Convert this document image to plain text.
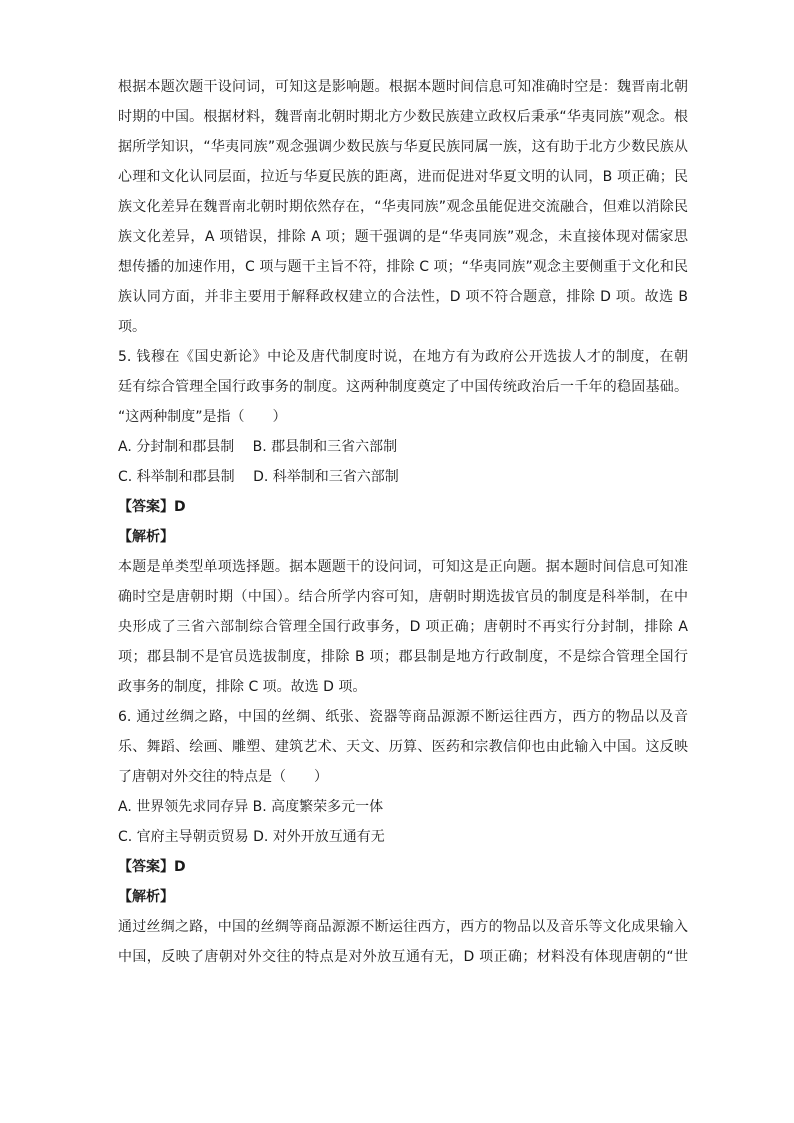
根据本题次题干设问词，可知这是影响题。根据本题时间信息可知准确时空是：魏晋南北朝
时期的中国。根据材料，魏晋南北朝时期北方少数民族建立政权后秉承“华夷同族”观念。根
据所学知识，“华夷同族”观念强调少数民族与华夏民族同属一族，这有助于北方少数民族从
心理和文化认同层面，拉近与华夏民族的距离，进而促进对华夏文明的认同，B 项正确；民
族文化差异在魏晋南北朝时期依然存在，“华夷同族”观念虽能促进交流融合，但难以消除民
族文化差异，A 项错误，排除 A 项；题干强调的是“华夷同族”观念，未直接体现对儒家思
想传播的加速作用，C 项与题干主旨不符，排除 C 项；“华夷同族”观念主要侧重于文化和民
族认同方面，并非主要用于解释政权建立的合法性，D 项不符合题意，排除 D 项。故选 B
项。
5. 钱穆在《国史新论》中论及唐代制度时说，在地方有为政府公开选拔人才的制度，在朝
廷有综合管理全国行政事务的制度。这两种制度奠定了中国传统政治后一千年的稳固基础。
“这两种制度”是指（　　）
A. 分封制和郡县制　 B. 郡县制和三省六部制
C. 科举制和郡县制　 D. 科举制和三省六部制
【答案】D
【解析】
本题是单类型单项选择题。据本题题干的设问词，可知这是正向题。据本题时间信息可知准
确时空是唐朝时期（中国）。结合所学内容可知，唐朝时期选拔官员的制度是科举制，在中
央形成了三省六部制综合管理全国行政事务，D 项正确；唐朝时不再实行分封制，排除 A
项；郡县制不是官员选拔制度，排除 B 项；郡县制是地方行政制度，不是综合管理全国行
政事务的制度，排除 C 项。故选 D 项。
6. 通过丝绸之路，中国的丝绸、纸张、瓷器等商品源源不断运往西方，西方的物品以及音
乐、舞蹈、绘画、雕塑、建筑艺术、天文、历算、医药和宗教信仰也由此输入中国。这反映
了唐朝对外交往的特点是（　　）
A. 世界领先求同存异 B. 高度繁荣多元一体
C. 官府主导朝贡贸易 D. 对外开放互通有无
【答案】D
【解析】
通过丝绸之路，中国的丝绸等商品源源不断运往西方，西方的物品以及音乐等文化成果输入
中国，反映了唐朝对外交往的特点是对外放互通有无，D 项正确；材料没有体现唐朝的“世
